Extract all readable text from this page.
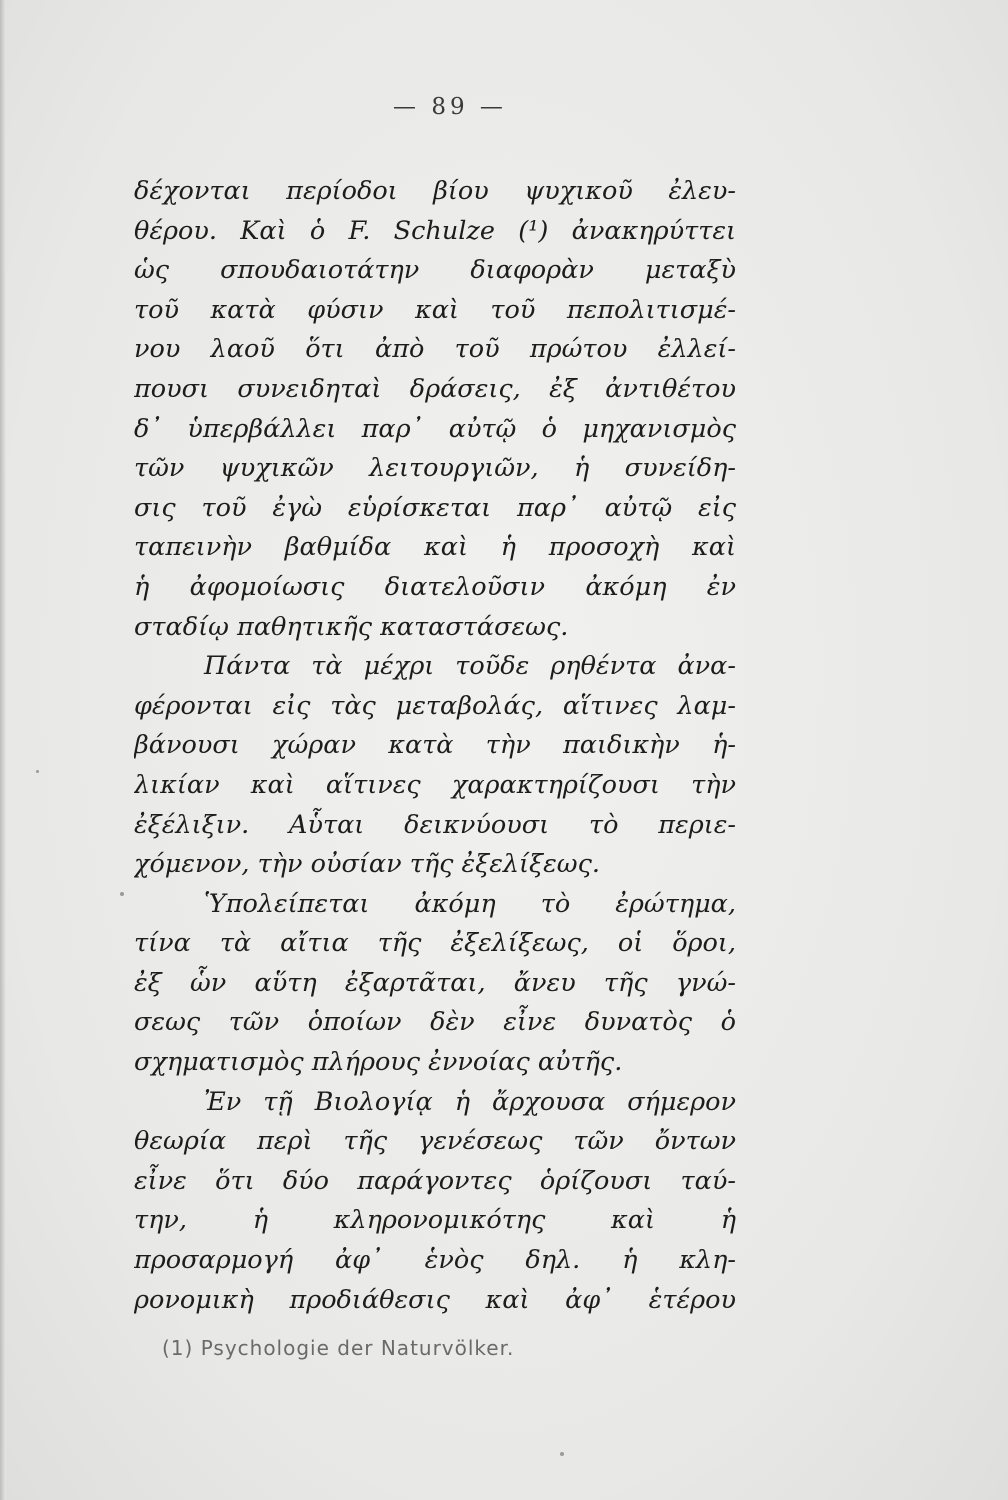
— 89 —
δέχονται περίοδοι βίου ψυχικοῦ ἐλευ-
θέρου. Καὶ ὁ F. Schulze (¹) ἀνακηρύττει
ὡς σπουδαιοτάτην διαφορὰν μεταξὺ
τοῦ κατὰ φύσιν καὶ τοῦ πεπολιτισμέ-
νου λαοῦ ὅτι ἀπὸ τοῦ πρώτου ἐλλεί-
πουσι συνειδηταὶ δράσεις, ἐξ ἀντιθέτου
δ᾽ ὑπερβάλλει παρ᾽ αὐτῷ ὁ μηχανισμὸς
τῶν ψυχικῶν λειτουργιῶν, ἡ συνείδη-
σις τοῦ ἐγὼ εὑρίσκεται παρ᾽ αὐτῷ εἰς
ταπεινὴν βαθμίδα καὶ ἡ προσοχὴ καὶ
ἡ ἀφομοίωσις διατελοῦσιν ἀκόμη ἐν
σταδίῳ παθητικῆς καταστάσεως.
Πάντα τὰ μέχρι τοῦδε ρηθέντα ἀνα-
φέρονται εἰς τὰς μεταβολάς, αἵτινες λαμ-
βάνουσι χώραν κατὰ τὴν παιδικὴν ἡ-
λικίαν καὶ αἵτινες χαρακτηρίζουσι τὴν
ἐξέλιξιν. Αὗται δεικνύουσι τὸ περιε-
χόμενον, τὴν οὐσίαν τῆς ἐξελίξεως.
Ὑπολείπεται ἀκόμη τὸ ἐρώτημα,
τίνα τὰ αἴτια τῆς ἐξελίξεως, οἱ ὅροι,
ἐξ ὧν αὕτη ἐξαρτᾶται, ἄνευ τῆς γνώ-
σεως τῶν ὁποίων δὲν εἶνε δυνατὸς ὁ
σχηματισμὸς πλήρους ἐννοίας αὐτῆς.
Ἐν τῇ Βιολογίᾳ ἡ ἄρχουσα σήμερον
θεωρία περὶ τῆς γενέσεως τῶν ὄντων
εἶνε ὅτι δύο παράγοντες ὁρίζουσι ταύ-
την, ἡ κληρονομικότης καὶ ἡ
προσαρμογή ἀφ᾽ ἑνὸς δηλ. ἡ κλη-
ρονομικὴ προδιάθεσις καὶ ἀφ᾽ ἑτέρου
(1) Psychologie der Naturvölker.
